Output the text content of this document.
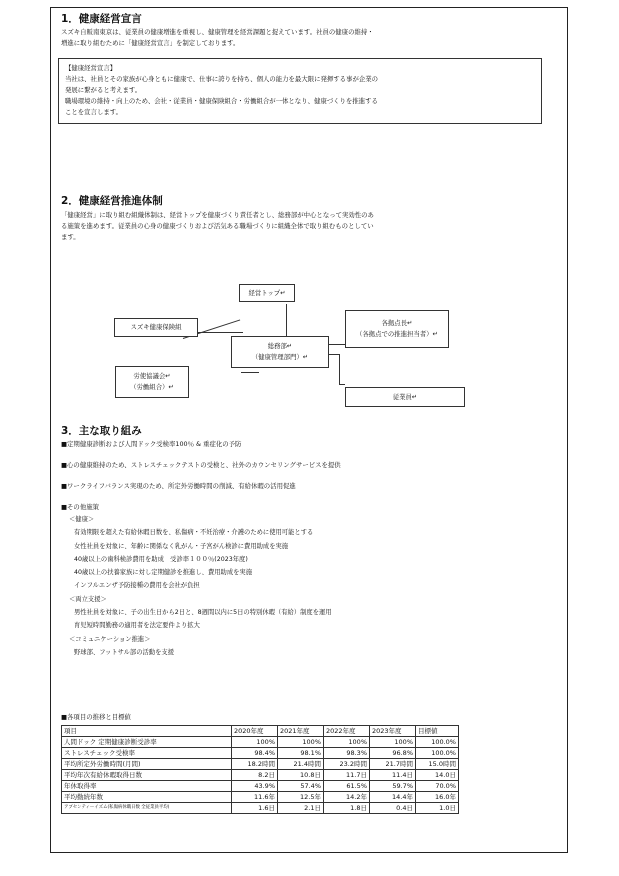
1．健康経営宣言

スズキ自販南東京は、従業員の健康増進を重視し、健康管理を経営課題と捉えています。社員の健康の維持・

増進に取り組むために「健康経営宣言」を制定しております。

【健康経営宣言】

当社は、社員とその家族が心身ともに健康で、仕事に誇りを持ち、個人の能力を最大限に発揮する事が企業の

発展に繋がると考えます。

職場環境の維持・向上のため、会社・従業員・健康保険組合・労働組合が一体となり、健康づくりを推進する

ことを宣言します。

2．健康経営推進体制

「健康経営」に取り組む組織体制は、経営トップを健康づくり責任者とし、総務部が中心となって実効性のあ

る施策を進めます。従業員の心身の健康づくりおよび活気ある職場づくりに組織全体で取り組むものとしてい

ます。

経営トップ↵
スズキ健康保険組
総務部↵
（健康管理部門）↵
各拠点長↵
（各拠点での推進担当者）↵
労使協議会↵
（労働組合）↵
従業員↵
3．主な取り組み

■定期健康診断および人間ドック受検率100％ & 重症化の予防

■心の健康維持のため、ストレスチェックテストの受検と、社外のカウンセリングサービスを提供

■ワークライフバランス実現のため、所定外労働時間の削減、有給休暇の活用促進

■その他施策

＜健康＞

有効期限を超えた有給休暇日数を、私傷病・不妊治療・介護のために使用可能とする

女性社員を対象に、年齢に関係なく乳がん・子宮がん検診に費用助成を実施

40歳以上の歯科検診費用を助成　受診率１００％(2023年度)

40歳以上の扶養家族に対し定期健診を推進し、費用助成を実施

インフルエンザ予防接種の費用を会社が負担

＜両立支援＞

男性社員を対象に、子の出生日から2日と、8週間以内に5日の特別休暇（有給）制度を運用

育児短時間勤務の適用者を法定要件より拡大

＜コミュニケーション推進＞

野球部、フットサル部の活動を支援

■各項目の推移と目標値

項目	2020年度	2021年度	2022年度	2023年度	目標値
人間ドック 定期健康診断受診率	100%	100%	100%	100%	100.0%
ストレスチェック受検率	98.4%	98.1%	98.3%	96.8%	100.0%
平均所定外労働時間(月間)	18.2時間	21.4時間	23.2時間	21.7時間	15.0時間
平均年次有給休暇取得日数	8.2日	10.8日	11.7日	11.4日	14.0日
年休取得率	43.9%	57.4%	61.5%	59.7%	70.0%
平均勤続年数	11.6年	12.5年	14.2年	14.4年	16.0年
アブセンティーイズム(私傷病休職日数 全従業員平均)	1.6日	2.1日	1.8日	0.4日	1.0日
